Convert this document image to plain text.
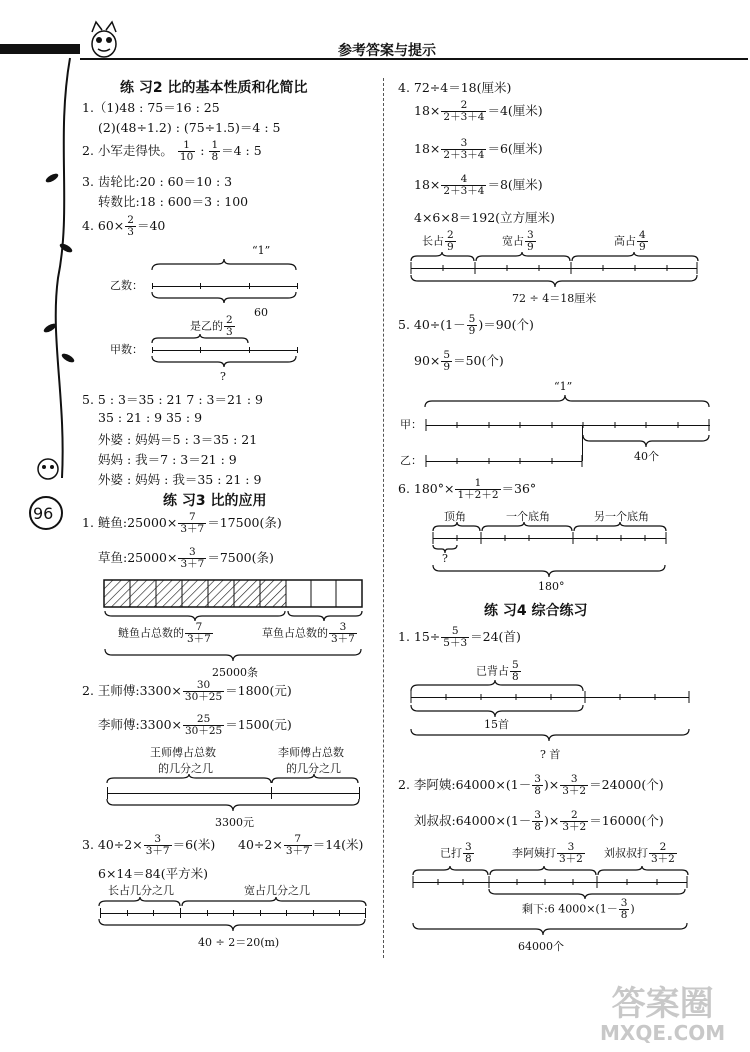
参考答案与提示
96
练 习2 比的基本性质和化简比
1.（1)48 : 75＝16 : 25
(2)(48÷1.2) : (75÷1.5)＝4 : 5
2. 小军走得快。 $\frac{1}{10}$ : $\frac{1}{8} =4$ : 5
3. 齿轮比:20 : 60＝10 : 3
转数比:18 : 600＝3 : 100
4. $60\times \frac{2}{3} =40$
“1”
乙数：
60
是乙的 $\frac{2}{3}$
甲数：
?
5. 5 : 3＝35 : 21 7 : 3＝21 : 9
35 : 21 : 9 35 : 9
外婆 : 妈妈＝5 : 3＝35 : 21
妈妈 : 我＝7 : 3＝21 : 9
外婆 : 妈妈 : 我＝35 : 21 : 9
练 习3 比的应用
1. 鲢鱼:25000× $\frac{7}{3+7} =17500$(条)
草鱼:25000× $\frac{3}{3+7} =7500$(条)
鲢鱼占总数的 $\frac{7}{3+7}$	草鱼占总数的 $\frac{3}{3+7}$
25000条
2. 王师傅:3300× $\frac{30}{30+25} =1800$(元)
李师傅:3300× $\frac{25}{30+25} =1500$(元)
王师傅占总数
的几分之几
李师傅占总数
的几分之几
3300元
3. $40\div 2\times \frac{3}{3+7} =6$(米) $40\div 2\times \frac{7}{3+7} =14$(米)
6×14＝84(平方米)
长占几分之几	宽占几分之几
40 ÷ 2＝20(m)
4. 72÷4＝18(厘米)
$18\times \frac{2}{2+3+4} =4$(厘米)
$18\times \frac{3}{2+3+4} =6$(厘米)
$18\times \frac{4}{2+3+4} =8$(厘米)
4×6×8＝192(立方厘米)
长占 $\frac{2}{9}$	宽占 $\frac{3}{9}$	高占 $\frac{4}{9}$
72 ÷ 4＝18厘米
5. $40\div(1- \frac{5}{9} )=90$(个)
$90\times \frac{5}{9} =50$(个)
“1”
甲：
乙：	40个
6. $180^\circ\times \frac{1}{1+2+2} =36^\circ$
顶角	一个底角	另一个底角
?
180°
练 习4 综合练习
1. $15\div \frac{5}{5+3} =24$(首)
已背占 $\frac{5}{8}$
15首
? 首
2. 李阿姨:64000×(1－ $\frac{3}{8}$ )× $\frac{3}{3+2} =24000$(个)
刘叔叔:64000×(1－ $\frac{3}{8}$ )× $\frac{2}{3+2} =16000$(个)
已打 $\frac{3}{8}$	李阿姨打 $\frac{3}{3+2}$ 刘叔叔打 $\frac{2}{3+2}$
剩下:6 $4000\times(1- \frac{3}{8}$ )
64000个
答案圈
MXQE.COM
